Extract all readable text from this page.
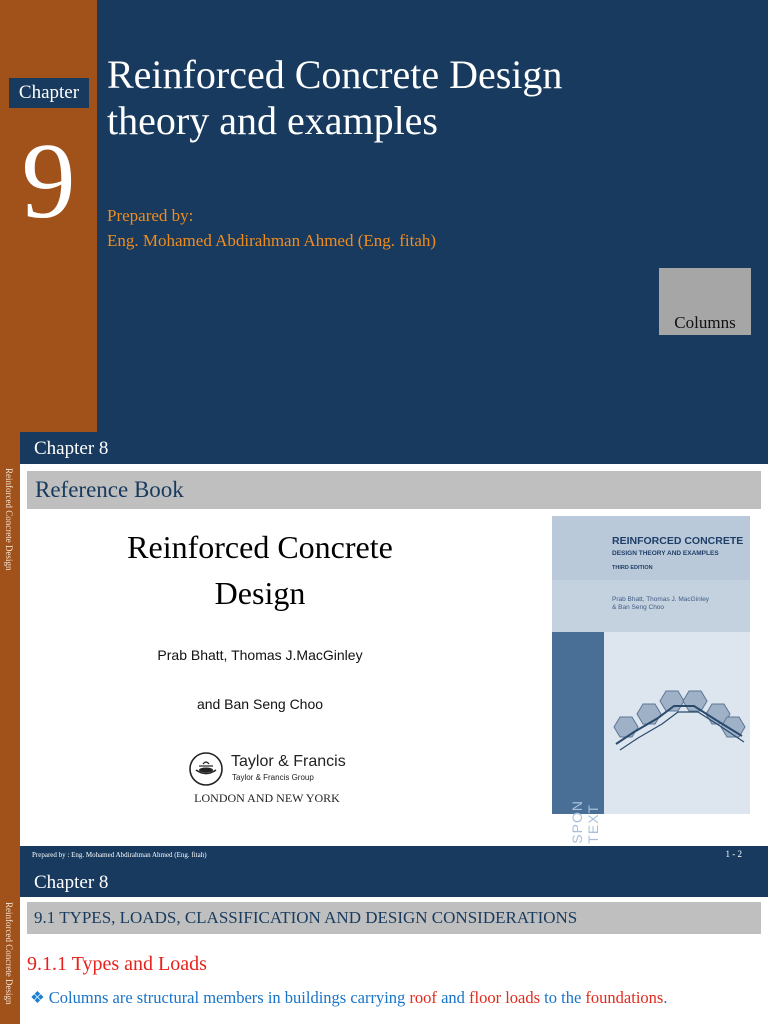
Chapter
9
Reinforced Concrete Design
theory and examples
Prepared by:
Eng. Mohamed Abdirahman Ahmed (Eng. fitah)
Columns
Reinforced Concrete Design
Chapter 8
Reference Book
Reinforced Concrete
Design
Prab Bhatt, Thomas J.MacGinley
and Ban Seng Choo
Taylor & Francis
Taylor & Francis Group
LONDON AND NEW YORK
REINFORCED CONCRETE
DESIGN THEORY AND EXAMPLES
THIRD EDITION
Prab Bhatt, Thomas J. MacGinley
& Ban Seng Choo
SPON TEXT
Prepared by : Eng. Mohamed Abdirahman Ahmed (Eng. fitah)	1 - 2
Reinforced Concrete Design
Chapter 8
9.1 TYPES, LOADS, CLASSIFICATION AND DESIGN CONSIDERATIONS
9.1.1 Types and Loads
❖ Columns are structural members in buildings carrying roof and floor loads to the foundations.
